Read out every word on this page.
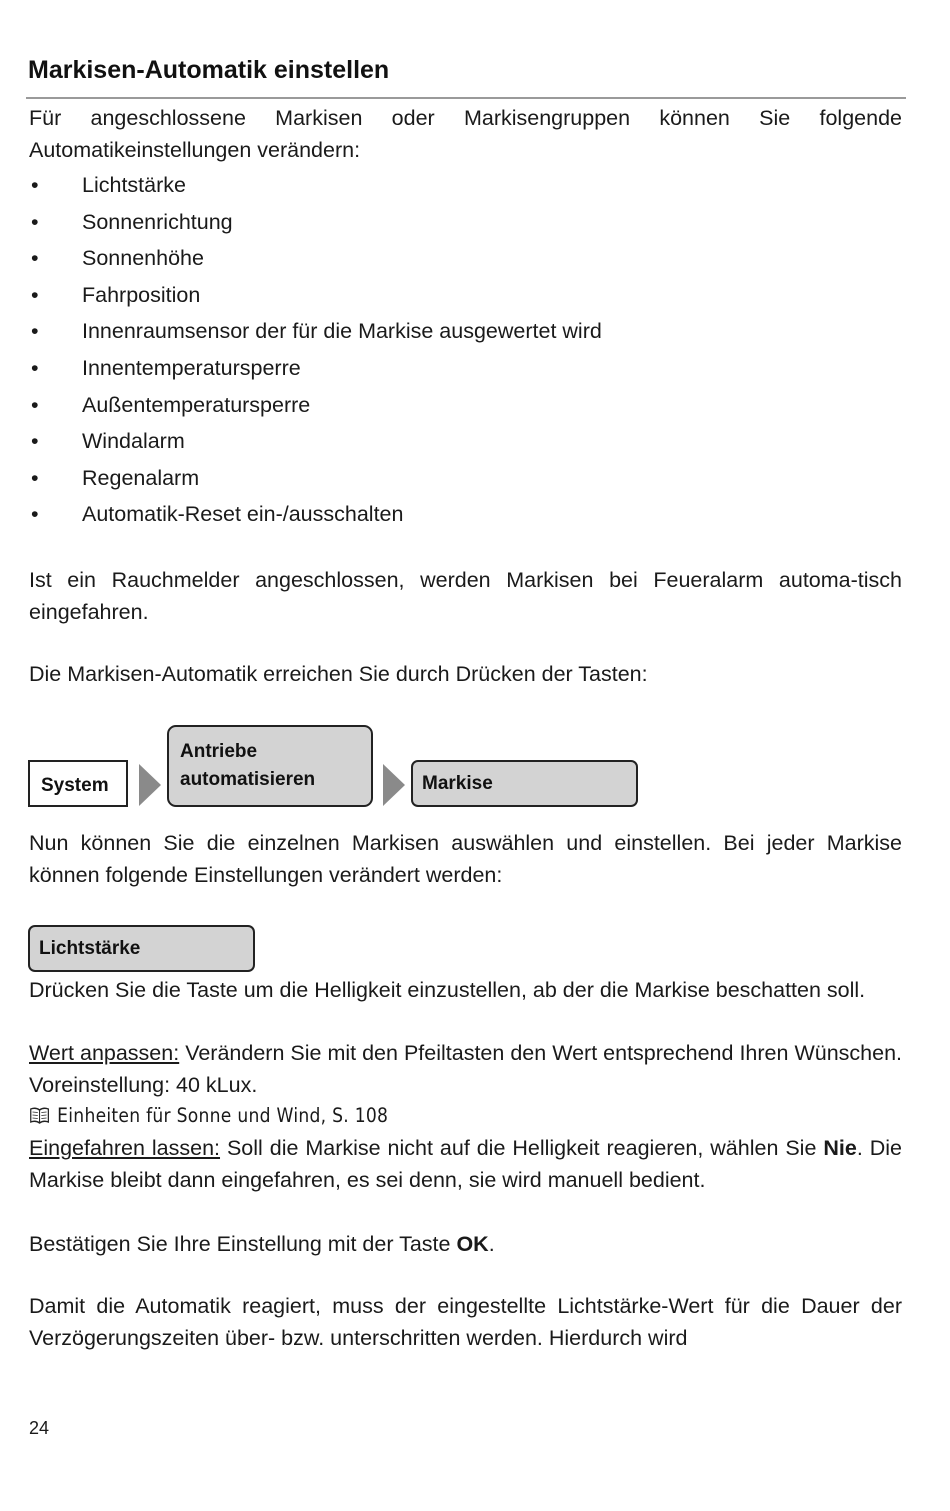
Markisen-Automatik einstellen

Für angeschlossene Markisen oder Markisengruppen können Sie folgende Automatikeinstellungen verändern:

• Lichtstärke
• Sonnenrichtung
• Sonnenhöhe
• Fahrposition
• Innenraumsensor der für die Markise ausgewertet wird
• Innentemperatursperre
• Außentemperatursperre
• Windalarm
• Regenalarm
• Automatik-Reset ein-/ausschalten

Ist ein Rauchmelder angeschlossen, werden Markisen bei Feueralarm automa-tisch eingefahren.

Die Markisen-Automatik erreichen Sie durch Drücken der Tasten:

System
Antriebe
automatisieren	Markise

Nun können Sie die einzelnen Markisen auswählen und einstellen. Bei jeder Markise können folgende Einstellungen verändert werden:

Lichtstärke

Drücken Sie die Taste um die Helligkeit einzustellen, ab der die Markise beschatten soll.

Wert anpassen: Verändern Sie mit den Pfeiltasten den Wert entsprechend Ihren Wünschen. Voreinstellung: 40 kLux.

Einheiten für Sonne und Wind, S. 108

Eingefahren lassen: Soll die Markise nicht auf die Helligkeit reagieren, wählen Sie Nie. Die Markise bleibt dann eingefahren, es sei denn, sie wird manuell bedient.

Bestätigen Sie Ihre Einstellung mit der Taste OK.

Damit die Automatik reagiert, muss der eingestellte Lichtstärke-Wert für die Dauer der Verzögerungszeiten über- bzw. unterschritten werden. Hierdurch wird

24
